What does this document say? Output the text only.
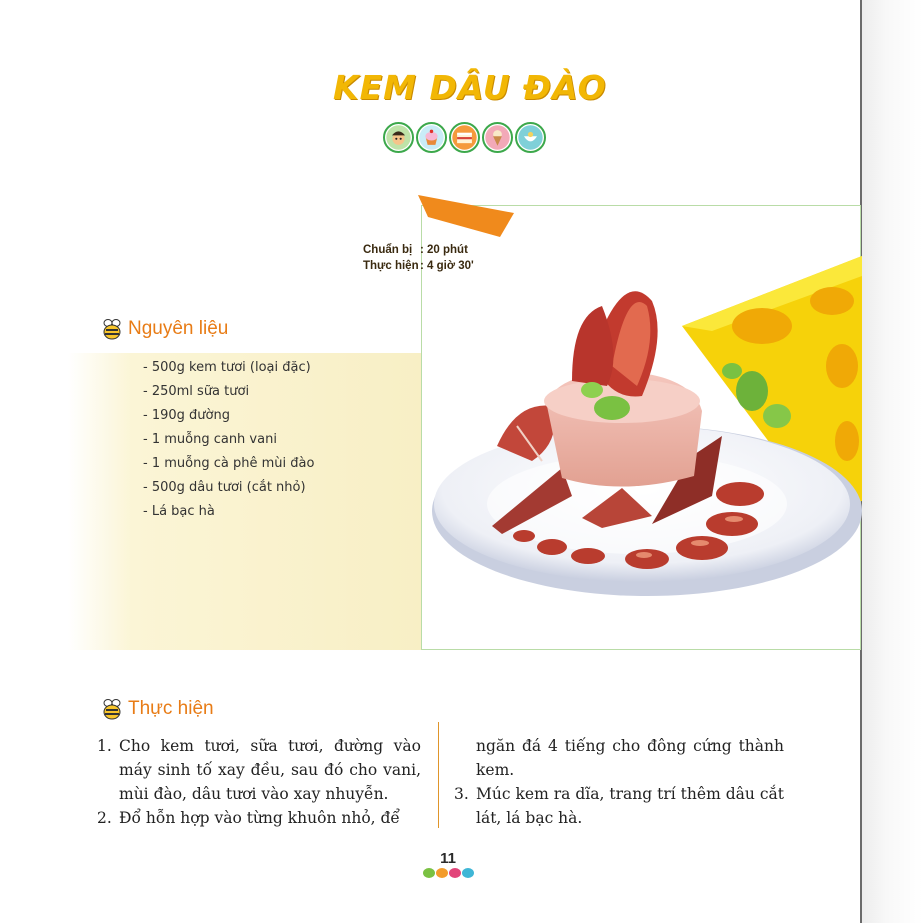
KEM DÂU ĐÀO
Chuẩn bị : 20 phút
Thực hiện : 4 giờ 30'
Nguyên liệu
- 500g kem tươi (loại đặc)
- 250ml sữa tươi
- 190g đường
- 1 muỗng canh vani
- 1 muỗng cà phê mùi đào
- 500g dâu tươi (cắt nhỏ)
- Lá bạc hà
Thực hiện
1. Cho kem tươi, sữa tươi, đường vào máy sinh tố xay đều, sau đó cho vani, mùi đào, dâu tươi vào xay nhuyễn.
2. Đổ hỗn hợp vào từng khuôn nhỏ, để
ngăn đá 4 tiếng cho đông cứng thành kem.
3. Múc kem ra dĩa, trang trí thêm dâu cắt lát, lá bạc hà.
11
